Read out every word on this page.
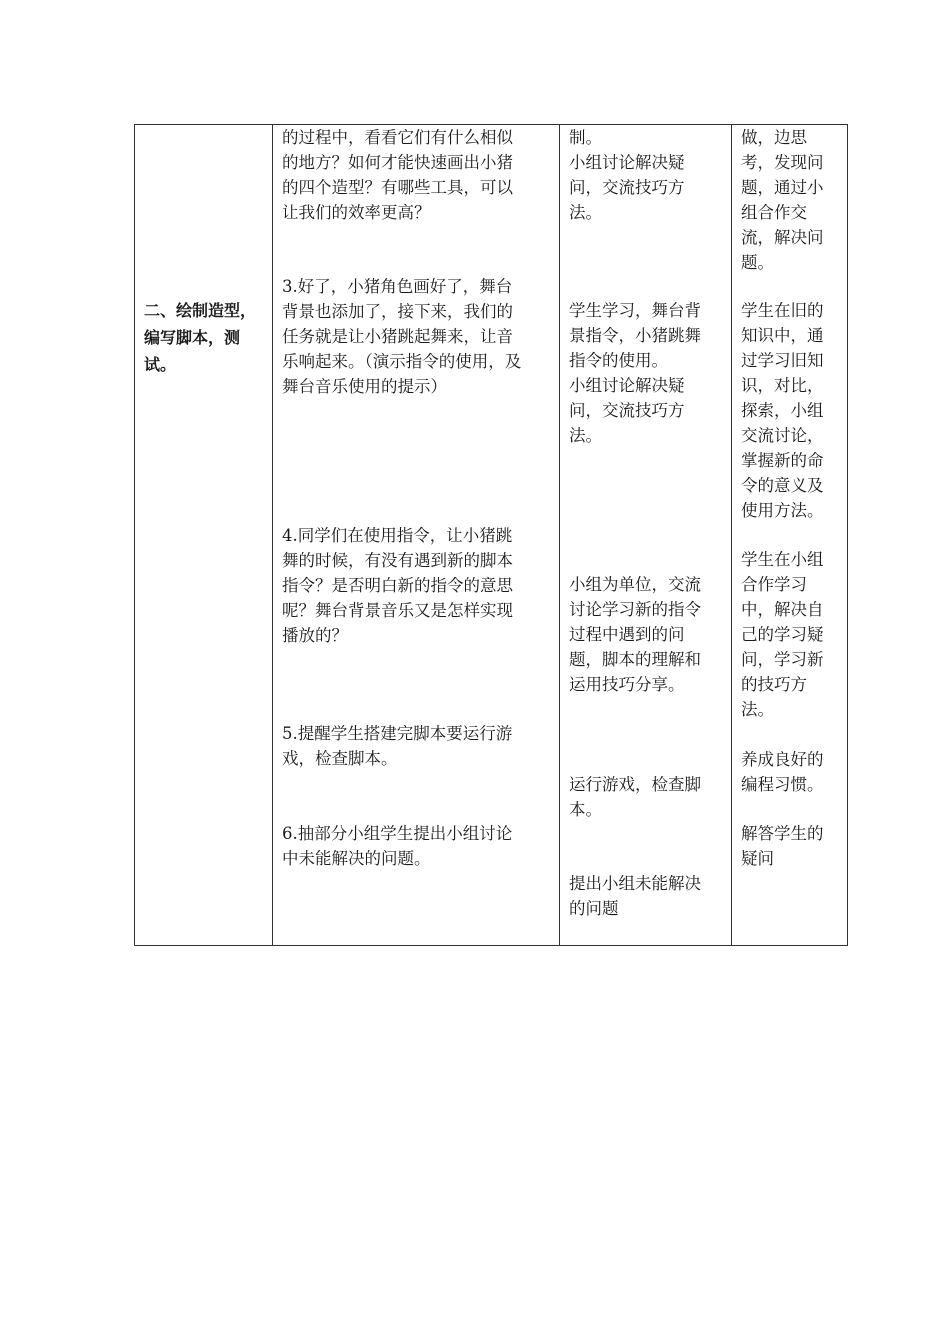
二、绘制造型，

编写脚本，测

试。

的过程中，看看它们有什么相似

的地方？如何才能快速画出小猪

的四个造型？有哪些工具，可以

让我们的效率更高？

3.好了，小猪角色画好了，舞台

背景也添加了，接下来，我们的

任务就是让小猪跳起舞来，让音

乐响起来。（演示指令的使用，及

舞台音乐使用的提示）

4.同学们在使用指令，让小猪跳

舞的时候，有没有遇到新的脚本

指令？是否明白新的指令的意思

呢？舞台背景音乐又是怎样实现

播放的？

5.提醒学生搭建完脚本要运行游

戏，检查脚本。

6.抽部分小组学生提出小组讨论

中未能解决的问题。

制。

小组讨论解决疑

问，交流技巧方

法。

学生学习，舞台背

景指令，小猪跳舞

指令的使用。

小组讨论解决疑

问，交流技巧方

法。

小组为单位，交流

讨论学习新的指令

过程中遇到的问

题，脚本的理解和

运用技巧分享。

运行游戏，检查脚

本。

提出小组未能解决

的问题

做，边思

考，发现问

题，通过小

组合作交

流，解决问

题。

学生在旧的

知识中，通

过学习旧知

识，对比，

探索，小组

交流讨论，

掌握新的命

令的意义及

使用方法。

学生在小组

合作学习

中，解决自

己的学习疑

问，学习新

的技巧方

法。

养成良好的

编程习惯。

解答学生的

疑问
